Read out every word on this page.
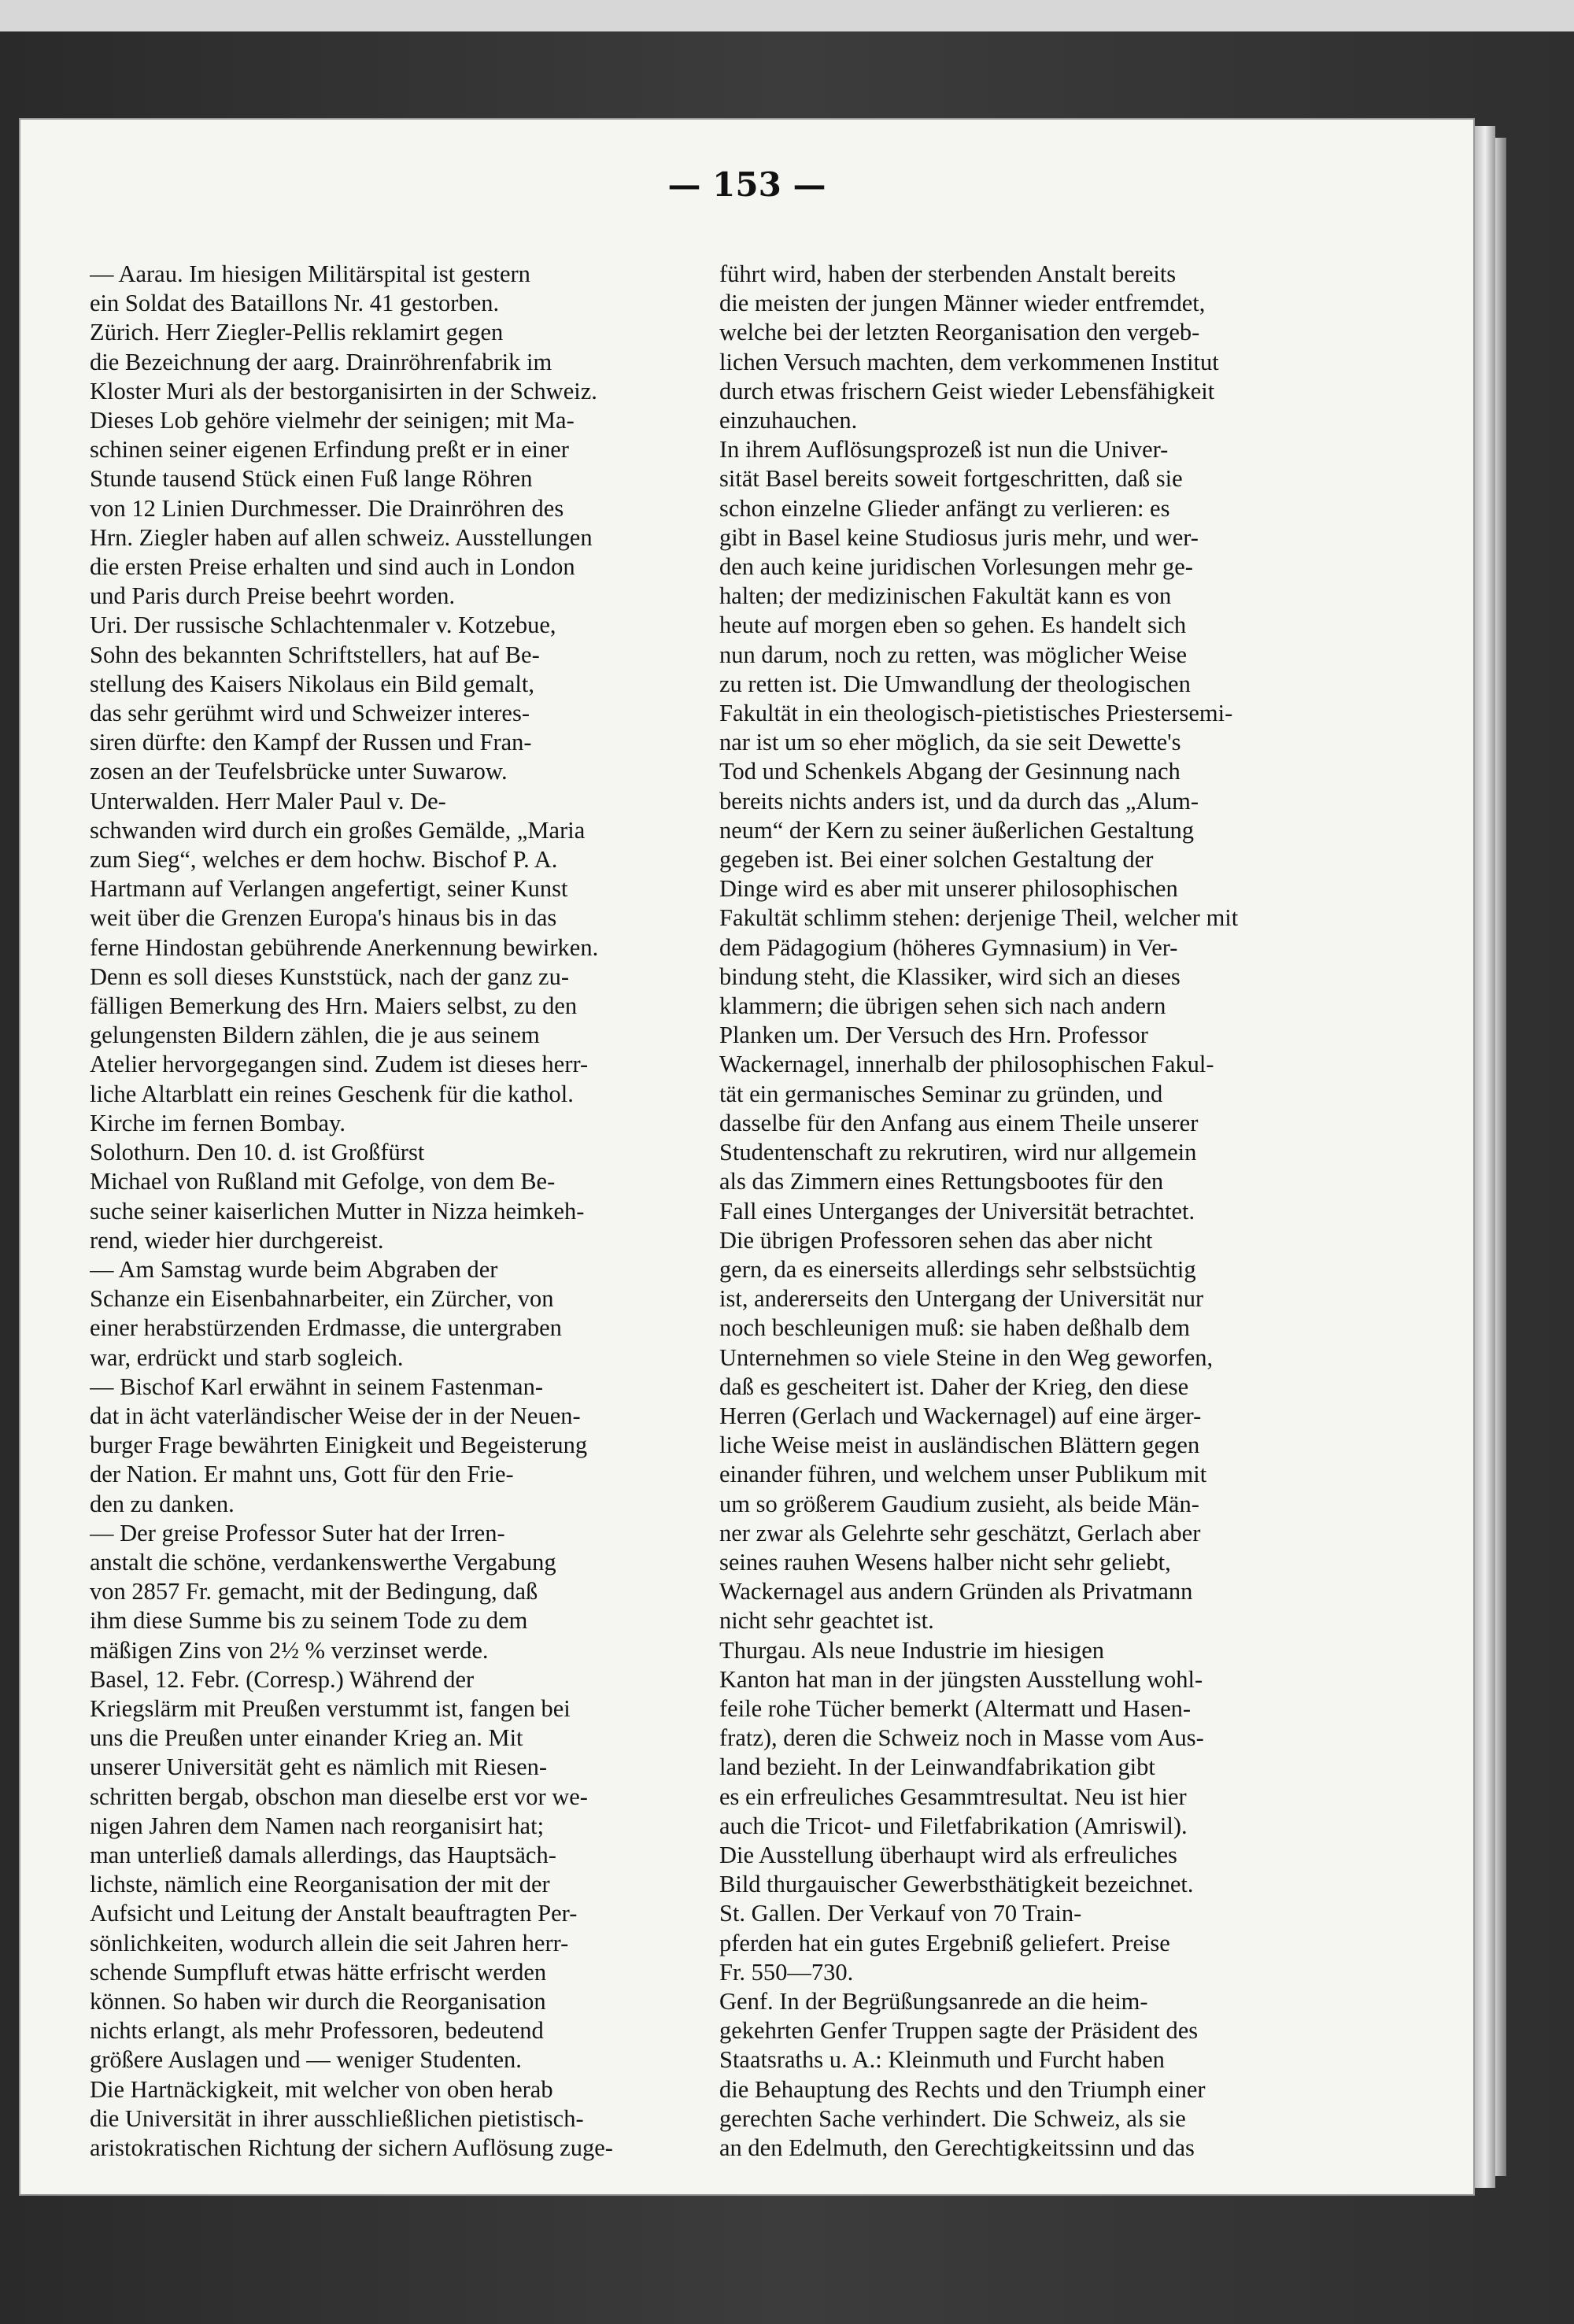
— 153 —
— Aarau. Im hiesigen Militärspital ist gestern
ein Soldat des Bataillons Nr. 41 gestorben.
Zürich. Herr Ziegler-Pellis reklamirt gegen
die Bezeichnung der aarg. Drainröhrenfabrik im
Kloster Muri als der bestorganisirten in der Schweiz.
Dieses Lob gehöre vielmehr der seinigen; mit Ma-
schinen seiner eigenen Erfindung preßt er in einer
Stunde tausend Stück einen Fuß lange Röhren
von 12 Linien Durchmesser. Die Drainröhren des
Hrn. Ziegler haben auf allen schweiz. Ausstellungen
die ersten Preise erhalten und sind auch in London
und Paris durch Preise beehrt worden.
Uri. Der russische Schlachtenmaler v. Kotzebue,
Sohn des bekannten Schriftstellers, hat auf Be-
stellung des Kaisers Nikolaus ein Bild gemalt,
das sehr gerühmt wird und Schweizer interes-
siren dürfte: den Kampf der Russen und Fran-
zosen an der Teufelsbrücke unter Suwarow.
Unterwalden. Herr Maler Paul v. De-
schwanden wird durch ein großes Gemälde, „Maria
zum Sieg“, welches er dem hochw. Bischof P. A.
Hartmann auf Verlangen angefertigt, seiner Kunst
weit über die Grenzen Europa's hinaus bis in das
ferne Hindostan gebührende Anerkennung bewirken.
Denn es soll dieses Kunststück, nach der ganz zu-
fälligen Bemerkung des Hrn. Maiers selbst, zu den
gelungensten Bildern zählen, die je aus seinem
Atelier hervorgegangen sind. Zudem ist dieses herr-
liche Altarblatt ein reines Geschenk für die kathol.
Kirche im fernen Bombay.
Solothurn. Den 10. d. ist Großfürst
Michael von Rußland mit Gefolge, von dem Be-
suche seiner kaiserlichen Mutter in Nizza heimkeh-
rend, wieder hier durchgereist.
— Am Samstag wurde beim Abgraben der
Schanze ein Eisenbahnarbeiter, ein Zürcher, von
einer herabstürzenden Erdmasse, die untergraben
war, erdrückt und starb sogleich.
— Bischof Karl erwähnt in seinem Fastenman-
dat in ächt vaterländischer Weise der in der Neuen-
burger Frage bewährten Einigkeit und Begeisterung
der Nation. Er mahnt uns, Gott für den Frie-
den zu danken.
— Der greise Professor Suter hat der Irren-
anstalt die schöne, verdankenswerthe Vergabung
von 2857 Fr. gemacht, mit der Bedingung, daß
ihm diese Summe bis zu seinem Tode zu dem
mäßigen Zins von 2½ % verzinset werde.
Basel, 12. Febr. (Corresp.) Während der
Kriegslärm mit Preußen verstummt ist, fangen bei
uns die Preußen unter einander Krieg an. Mit
unserer Universität geht es nämlich mit Riesen-
schritten bergab, obschon man dieselbe erst vor we-
nigen Jahren dem Namen nach reorganisirt hat;
man unterließ damals allerdings, das Hauptsäch-
lichste, nämlich eine Reorganisation der mit der
Aufsicht und Leitung der Anstalt beauftragten Per-
sönlichkeiten, wodurch allein die seit Jahren herr-
schende Sumpfluft etwas hätte erfrischt werden
können. So haben wir durch die Reorganisation
nichts erlangt, als mehr Professoren, bedeutend
größere Auslagen und — weniger Studenten.
Die Hartnäckigkeit, mit welcher von oben herab
die Universität in ihrer ausschließlichen pietistisch-
aristokratischen Richtung der sichern Auflösung zuge-
führt wird, haben der sterbenden Anstalt bereits
die meisten der jungen Männer wieder entfremdet,
welche bei der letzten Reorganisation den vergeb-
lichen Versuch machten, dem verkommenen Institut
durch etwas frischern Geist wieder Lebensfähigkeit
einzuhauchen.
In ihrem Auflösungsprozeß ist nun die Univer-
sität Basel bereits soweit fortgeschritten, daß sie
schon einzelne Glieder anfängt zu verlieren: es
gibt in Basel keine Studiosus juris mehr, und wer-
den auch keine juridischen Vorlesungen mehr ge-
halten; der medizinischen Fakultät kann es von
heute auf morgen eben so gehen. Es handelt sich
nun darum, noch zu retten, was möglicher Weise
zu retten ist. Die Umwandlung der theologischen
Fakultät in ein theologisch-pietistisches Priestersemi-
nar ist um so eher möglich, da sie seit Dewette's
Tod und Schenkels Abgang der Gesinnung nach
bereits nichts anders ist, und da durch das „Alum-
neum“ der Kern zu seiner äußerlichen Gestaltung
gegeben ist. Bei einer solchen Gestaltung der
Dinge wird es aber mit unserer philosophischen
Fakultät schlimm stehen: derjenige Theil, welcher mit
dem Pädagogium (höheres Gymnasium) in Ver-
bindung steht, die Klassiker, wird sich an dieses
klammern; die übrigen sehen sich nach andern
Planken um. Der Versuch des Hrn. Professor
Wackernagel, innerhalb der philosophischen Fakul-
tät ein germanisches Seminar zu gründen, und
dasselbe für den Anfang aus einem Theile unserer
Studentenschaft zu rekrutiren, wird nur allgemein
als das Zimmern eines Rettungsbootes für den
Fall eines Unterganges der Universität betrachtet.
Die übrigen Professoren sehen das aber nicht
gern, da es einerseits allerdings sehr selbstsüchtig
ist, andererseits den Untergang der Universität nur
noch beschleunigen muß: sie haben deßhalb dem
Unternehmen so viele Steine in den Weg geworfen,
daß es gescheitert ist. Daher der Krieg, den diese
Herren (Gerlach und Wackernagel) auf eine ärger-
liche Weise meist in ausländischen Blättern gegen
einander führen, und welchem unser Publikum mit
um so größerem Gaudium zusieht, als beide Män-
ner zwar als Gelehrte sehr geschätzt, Gerlach aber
seines rauhen Wesens halber nicht sehr geliebt,
Wackernagel aus andern Gründen als Privatmann
nicht sehr geachtet ist.
Thurgau. Als neue Industrie im hiesigen
Kanton hat man in der jüngsten Ausstellung wohl-
feile rohe Tücher bemerkt (Altermatt und Hasen-
fratz), deren die Schweiz noch in Masse vom Aus-
land bezieht. In der Leinwandfabrikation gibt
es ein erfreuliches Gesammtresultat. Neu ist hier
auch die Tricot- und Filetfabrikation (Amriswil).
Die Ausstellung überhaupt wird als erfreuliches
Bild thurgauischer Gewerbsthätigkeit bezeichnet.
St. Gallen. Der Verkauf von 70 Train-
pferden hat ein gutes Ergebniß geliefert. Preise
Fr. 550—730.
Genf. In der Begrüßungsanrede an die heim-
gekehrten Genfer Truppen sagte der Präsident des
Staatsraths u. A.: Kleinmuth und Furcht haben
die Behauptung des Rechts und den Triumph einer
gerechten Sache verhindert. Die Schweiz, als sie
an den Edelmuth, den Gerechtigkeitssinn und das
